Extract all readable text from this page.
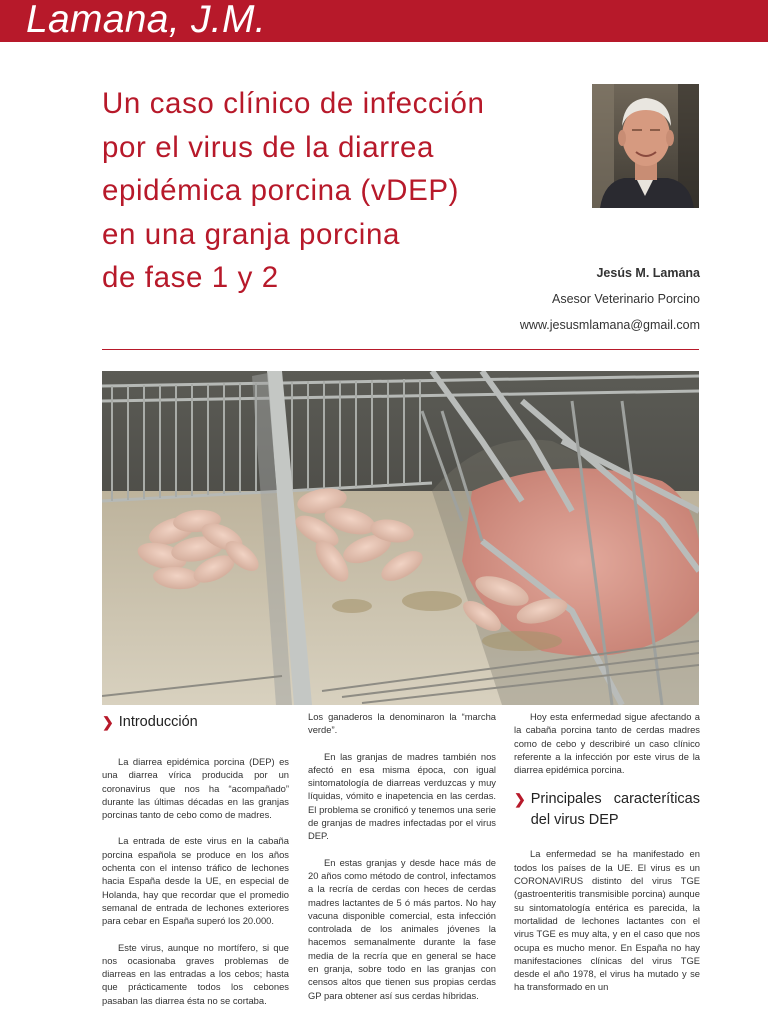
Lamana, J.M.
Un caso clínico de infección
por el virus de la diarrea
epidémica porcina (vDEP)
en una granja porcina
de fase 1 y 2	Jesús M. Lamana
Asesor Veterinario Porcino
www.jesusmlamana@gmail.com
❯ Introducción

La diarrea epidémica porcina (DEP) es una diarrea vírica producida por un coronavirus que nos ha “acompañado” durante las últimas décadas en las granjas porcinas tanto de cebo como de madres.

La entrada de este virus en la cabaña porcina española se produce en los años ochenta con el intenso tráfico de lechones hacia España desde la UE, en especial de Holanda, hay que recordar que el promedio semanal de entrada de lechones exteriores para cebar en España superó los 20.000.

Este virus, aunque no mortífero, si que nos ocasionaba graves problemas de diarreas en las entradas a los cebos; hasta que prácticamente todos los cebones pasaban las diarrea ésta no se cortaba.

Los ganaderos la denominaron la “marcha verde”.

En las granjas de madres también nos afectó en esa misma época, con igual sintomatología de diarreas verduzcas y muy líquidas, vómito e inapetencia en las cerdas. El problema se cronificó y tenemos una serie de granjas de madres infectadas por el virus DEP.

En estas granjas y desde hace más de 20 años como método de control, infectamos a la recría de cerdas con heces de cerdas madres lactantes de 5 ó más partos. No hay vacuna disponible comercial, esta infección controlada de los animales jóvenes la hacemos semanalmente durante la fase media de la recría que en general se hace en granja, sobre todo en las granjas con censos altos que tienen sus propias cerdas GP para obtener así sus cerdas híbridas.

Hoy esta enfermedad sigue afectando a la cabaña porcina tanto de cerdas madres como de cebo y describiré un caso clínico referente a la infección por este virus de la diarrea epidémica porcina.

❯ Principales caracteríticas del virus DEP

La enfermedad se ha manifestado en todos los países de la UE. El virus es un CORONAVIRUS distinto del virus TGE (gastroenteritis transmisible porcina) aunque su sintomatología entérica es parecida, la mortalidad de lechones lactantes con el virus TGE es muy alta, y en el caso que nos ocupa es mucho menor. En España no hay manifestaciones clínicas del virus TGE desde el año 1978, el virus ha mutado y se ha transformado en un
